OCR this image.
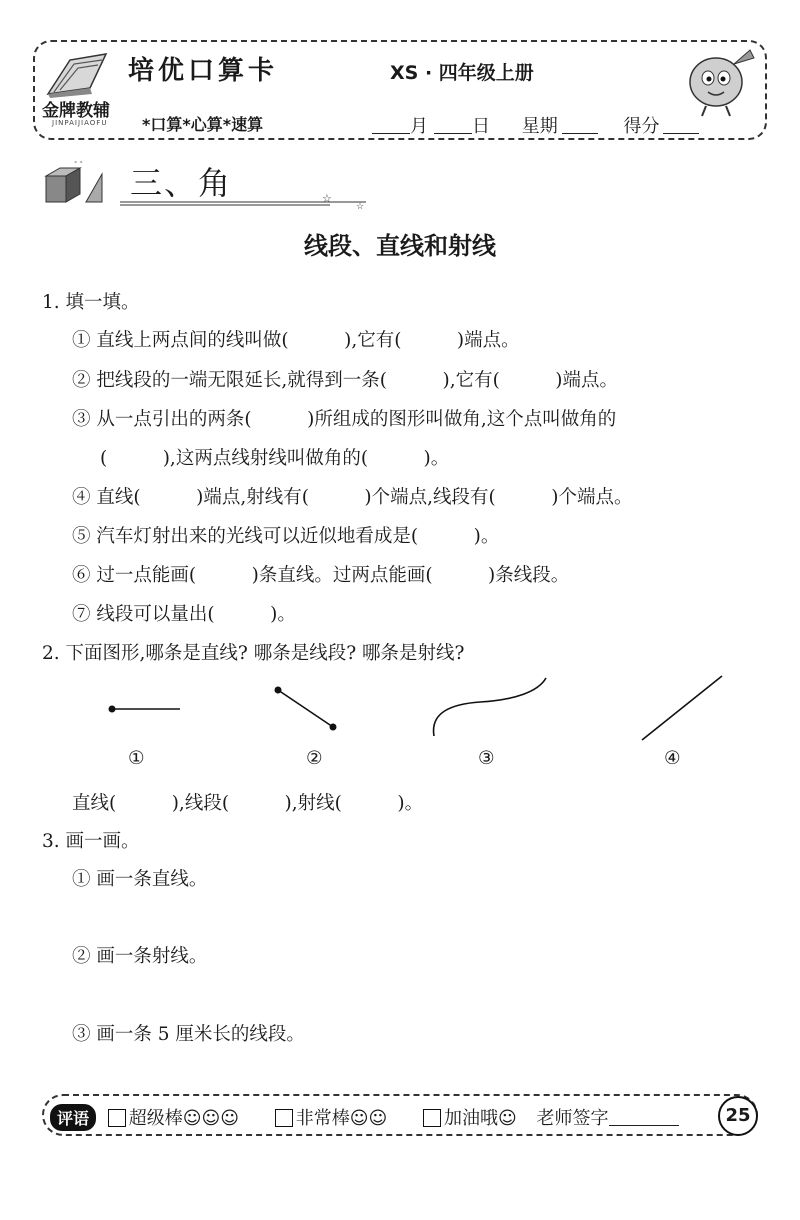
金牌教辅
JINPAIJIAOFU
培优口算卡
*口算*心算*速算
XS · 四年级上册
月 日 星期	得分
☆
☆
∘ ∘
三、角
线段、直线和射线
1. 填一填。
① 直线上两点间的线叫做(　　　),它有(　　　)端点。
② 把线段的一端无限延长,就得到一条(　　　),它有(　　　)端点。
③ 从一点引出的两条(　　　)所组成的图形叫做角,这个点叫做角的
(　　　),这两点线射线叫做角的(　　　)。
④ 直线(　　　)端点,射线有(　　　)个端点,线段有(　　　)个端点。
⑤ 汽车灯射出来的光线可以近似地看成是(　　　)。
⑥ 过一点能画(　　　)条直线。过两点能画(　　　)条线段。
⑦ 线段可以量出(　　　)。
2. 下面图形,哪条是直线? 哪条是线段? 哪条是射线?
①	②	③	④
直线(　　　),线段(　　　),射线(　　　)。
3. 画一画。
① 画一条直线。
② 画一条射线。
③ 画一条 5 厘米长的线段。
评语 超级棒☺☺☺	非常棒☺☺	加油哦☺ 老师签字	25
